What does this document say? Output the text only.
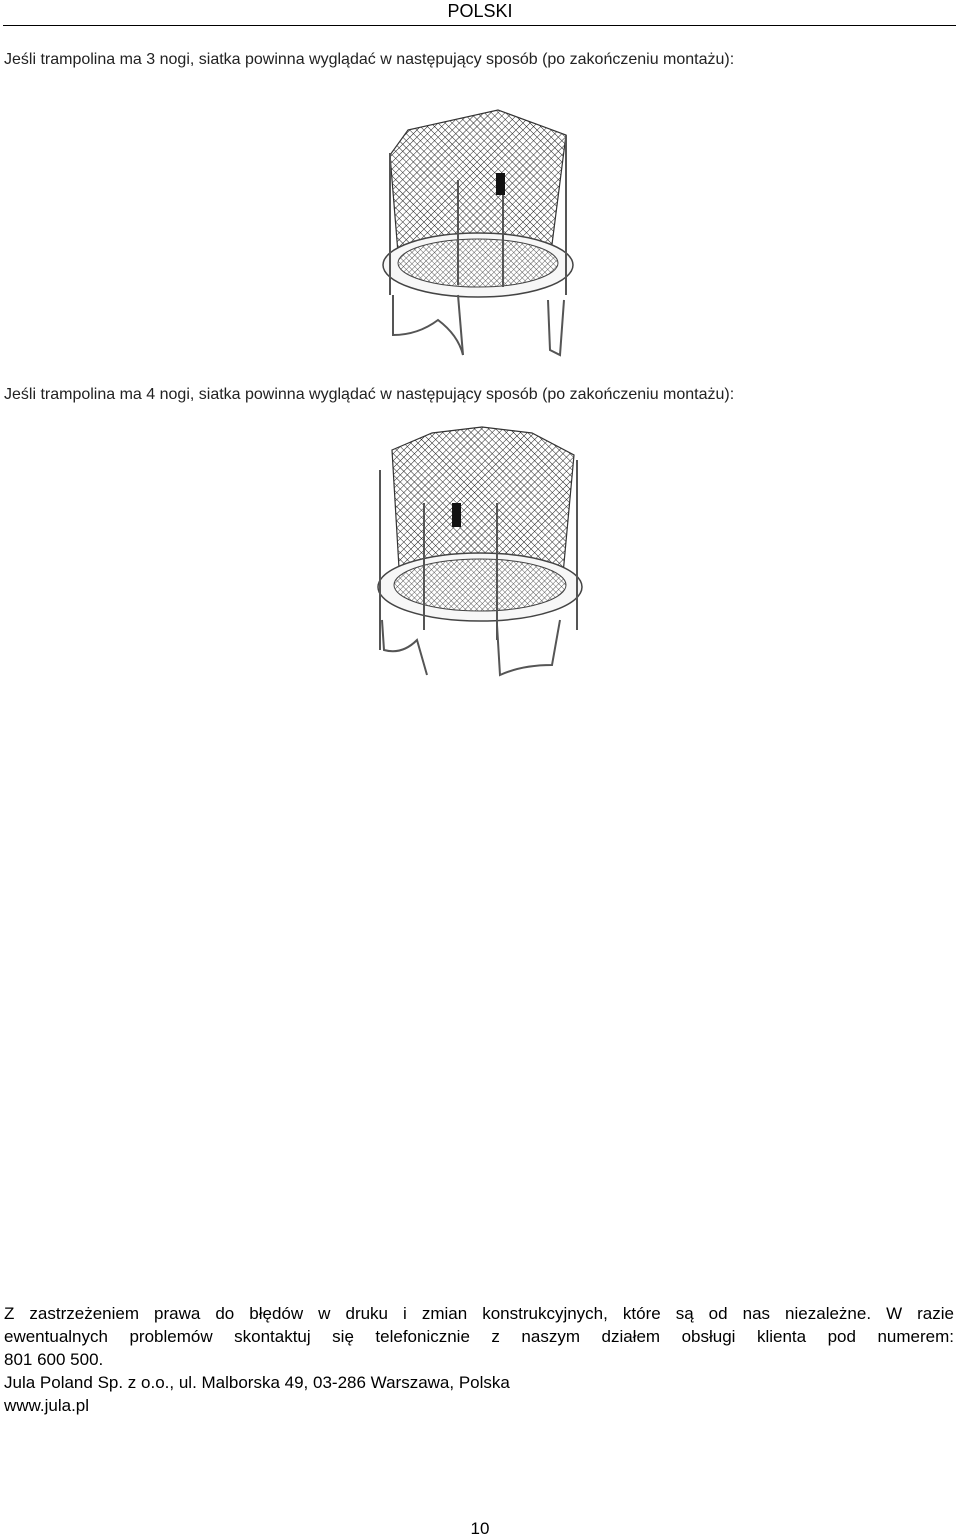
POLSKI
Jeśli trampolina ma 3 nogi, siatka powinna wyglądać w następujący sposób (po zakończeniu montażu):
Jeśli trampolina ma 4 nogi, siatka powinna wyglądać w następujący sposób (po zakończeniu montażu):

Z zastrzeżeniem prawa do błędów w druku i zmian konstrukcyjnych, które są od nas niezależne. W razie

ewentualnych problemów skontaktuj się telefonicznie z naszym działem obsługi klienta pod numerem:

801 600 500.

Jula Poland Sp. z o.o., ul. Malborska 49, 03-286 Warszawa, Polska

www.jula.pl

10
